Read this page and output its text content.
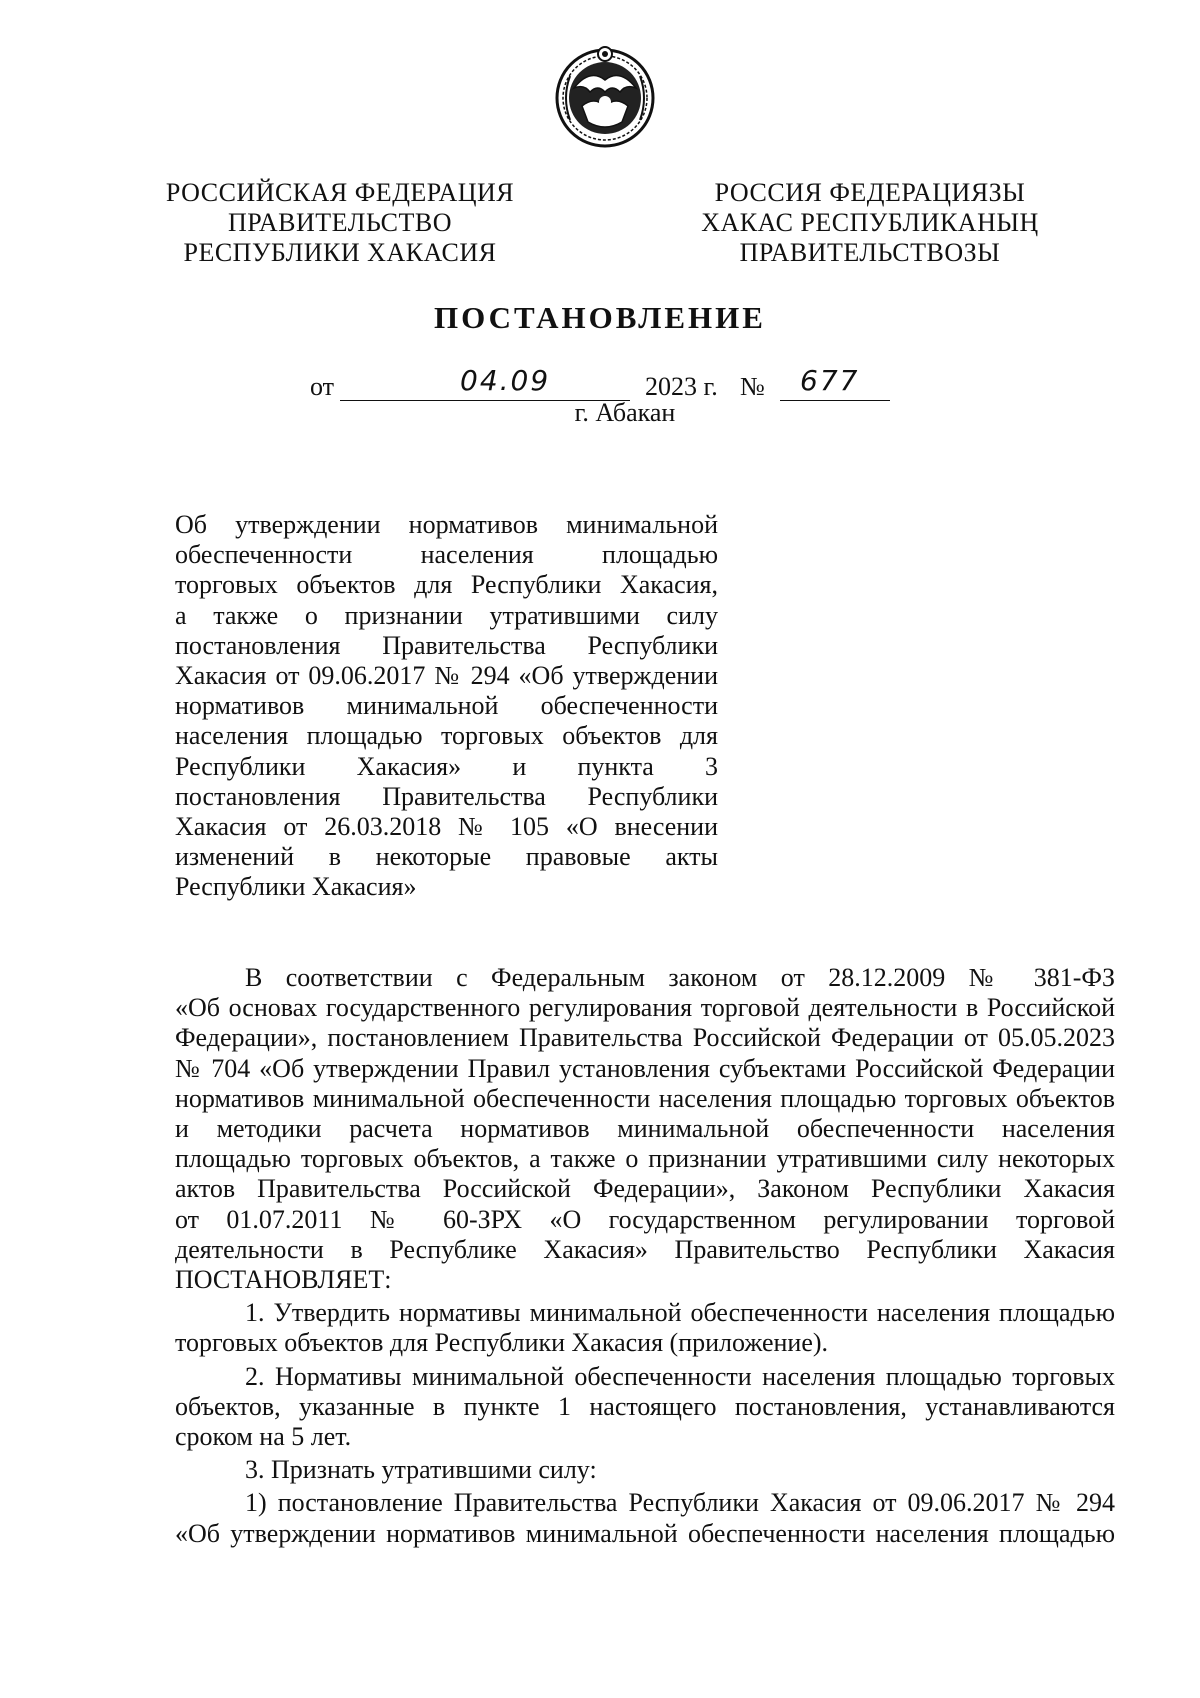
РОССИЙСКАЯ ФЕДЕРАЦИЯ
ПРАВИТЕЛЬСТВО
РЕСПУБЛИКИ ХАКАСИЯ
РОССИЯ ФЕДЕРАЦИЯЗЫ
ХАКАС РЕСПУБЛИКАНЫҢ
ПРАВИТЕЛЬСТВОЗЫ
ПОСТАНОВЛЕНИЕ
от	04.09	2023 г. № 677
г. Абакан
Об утверждении нормативов минимальной
обеспеченности населения площадью
торговых объектов для Республики Хакасия,
а также о признании утратившими силу
постановления Правительства Республики
Хакасия от 09.06.2017 № 294 «Об утверждении
нормативов минимальной обеспеченности
населения площадью торговых объектов для
Республики Хакасия» и пункта 3
постановления Правительства Республики
Хакасия от 26.03.2018 № 105 «О внесении
изменений в некоторые правовые акты
Республики Хакасия»
В соответствии с Федеральным законом от 28.12.2009 № 381-ФЗ
«Об основах государственного регулирования торговой деятельности в Российской
Федерации», постановлением Правительства Российской Федерации от 05.05.2023
№ 704 «Об утверждении Правил установления субъектами Российской Федерации
нормативов минимальной обеспеченности населения площадью торговых объектов
и методики расчета нормативов минимальной обеспеченности населения
площадью торговых объектов, а также о признании утратившими силу некоторых
актов Правительства Российской Федерации», Законом Республики Хакасия
от 01.07.2011 № 60-ЗРХ «О государственном регулировании торговой
деятельности в Республике Хакасия» Правительство Республики Хакасия
ПОСТАНОВЛЯЕТ:
1. Утвердить нормативы минимальной обеспеченности населения площадью
торговых объектов для Республики Хакасия (приложение).
2. Нормативы минимальной обеспеченности населения площадью торговых
объектов, указанные в пункте 1 настоящего постановления, устанавливаются
сроком на 5 лет.
3. Признать утратившими силу:
1) постановление Правительства Республики Хакасия от 09.06.2017 № 294
«Об утверждении нормативов минимальной обеспеченности населения площадью
